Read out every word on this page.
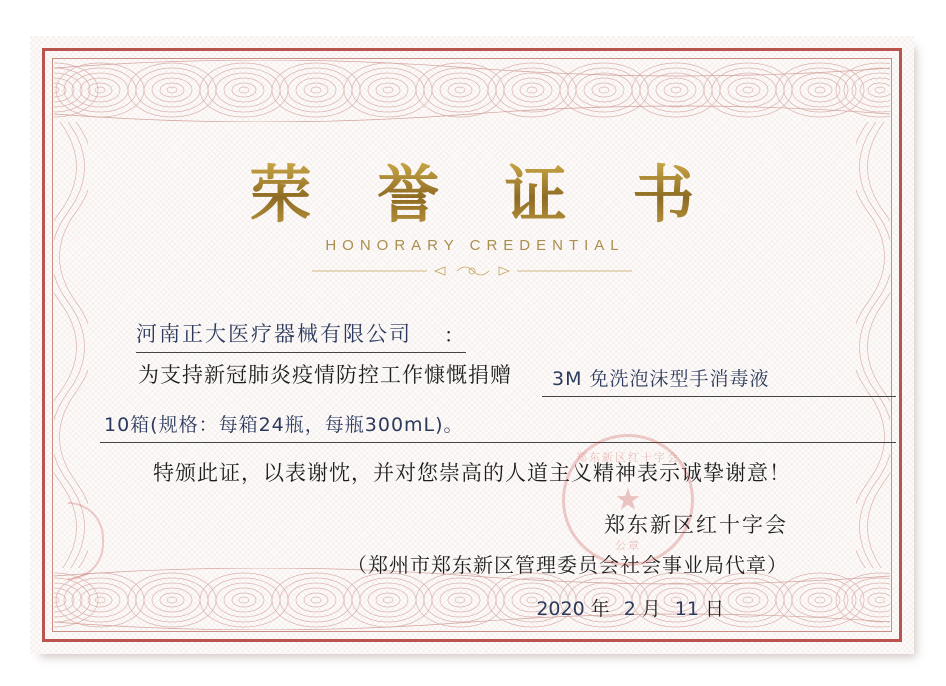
荣 誉 证 书
HONORARY CREDENTIAL
河南正大医疗器械有限公司 ：
为支持新冠肺炎疫情防控工作慷慨捐赠 3M 免洗泡沫型手消毒液
10箱(规格：每箱24瓶，每瓶300mL)。
特颁此证，以表谢忱，并对您崇高的人道主义精神表示诚挚谢意！
郑东新区红十字会
（郑州市郑东新区管理委员会社会事业局代章）
2020 年 2 月 11 日
郑东新区红十字会
★
公章
